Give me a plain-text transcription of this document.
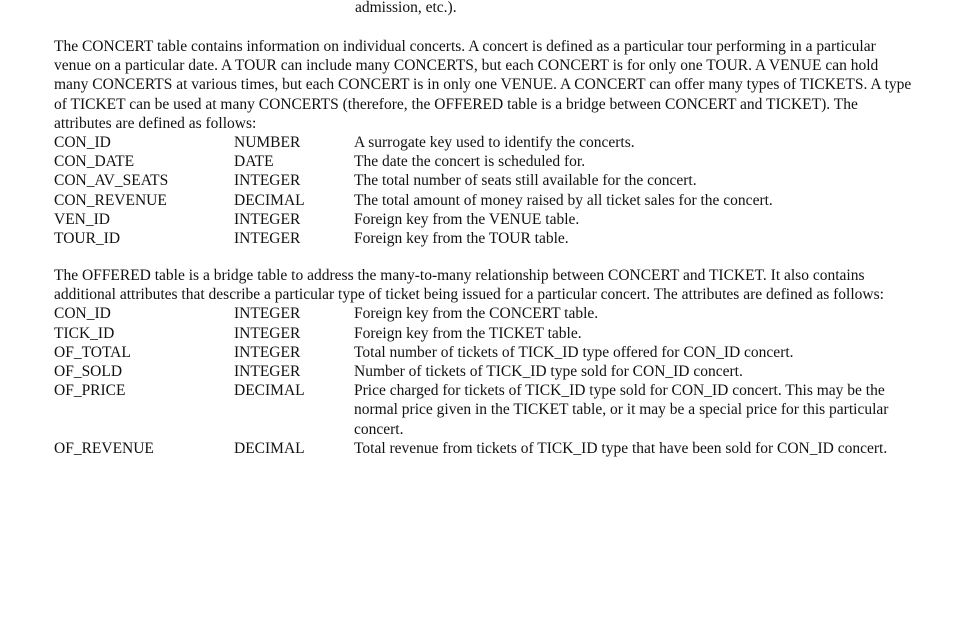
admission, etc.).

The CONCERT table contains information on individual concerts. A concert is defined as a particular tour performing in a particular venue on a particular date. A TOUR can include many CONCERTS, but each CONCERT is for only one TOUR. A VENUE can hold many CONCERTS at various times, but each CONCERT is in only one VENUE. A CONCERT can offer many types of TICKETS. A type of TICKET can be used at many CONCERTS (therefore, the OFFERED table is a bridge between CONCERT and TICKET). The attributes are defined as follows:

CON_ID	NUMBER	A surrogate key used to identify the concerts.
CON_DATE	DATE	The date the concert is scheduled for.
CON_AV_SEATS	INTEGER	The total number of seats still available for the concert.
CON_REVENUE	DECIMAL	The total amount of money raised by all ticket sales for the concert.
VEN_ID	INTEGER	Foreign key from the VENUE table.
TOUR_ID	INTEGER	Foreign key from the TOUR table.

The OFFERED table is a bridge table to address the many-to-many relationship between CONCERT and TICKET. It also contains additional attributes that describe a particular type of ticket being issued for a particular concert. The attributes are defined as follows:

CON_ID	INTEGER	Foreign key from the CONCERT table.
TICK_ID	INTEGER	Foreign key from the TICKET table.
OF_TOTAL	INTEGER	Total number of tickets of TICK_ID type offered for CON_ID concert.
OF_SOLD	INTEGER	Number of tickets of TICK_ID type sold for CON_ID concert.
OF_PRICE	DECIMAL	Price charged for tickets of TICK_ID type sold for CON_ID concert. This may be the normal price given in the TICKET table, or it may be a special price for this particular concert.
OF_REVENUE	DECIMAL	Total revenue from tickets of TICK_ID type that have been sold for CON_ID concert.
